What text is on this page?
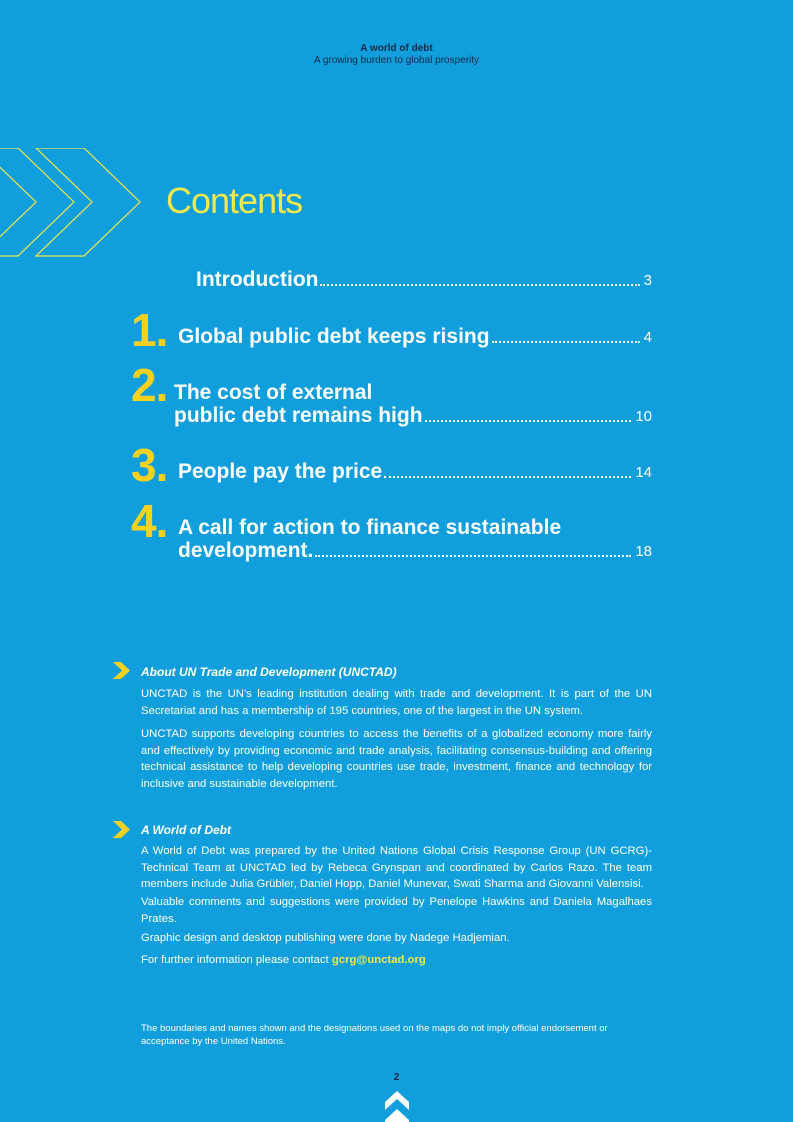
A world of debt
A growing burden to global prosperity
Contents
Introduction	3
1. Global public debt keeps rising	4
2. The cost of external
public debt remains high	10
3. People pay the price	14
4. A call for action to finance sustainable
development.	18
About UN Trade and Development (UNCTAD)
UNCTAD is the UN's leading institution dealing with trade and development. It is part of the UN Secretariat and has a membership of 195 countries, one of the largest in the UN system.
UNCTAD supports developing countries to access the benefits of a globalized economy more fairly and effectively by providing economic and trade analysis, facilitating consensus-building and offering technical assistance to help developing countries use trade, investment, finance and technology for inclusive and sustainable development.
A World of Debt
A World of Debt was prepared by the United Nations Global Crisis Response Group (UN GCRG)-Technical Team at UNCTAD led by Rebeca Grynspan and coordinated by Carlos Razo. The team members include Julia Grübler, Daniel Hopp, Daniel Munevar, Swati Sharma and Giovanni Valensisi.
Valuable comments and suggestions were provided by Penelope Hawkins and Daniela Magalhaes Prates.
Graphic design and desktop publishing were done by Nadege Hadjemian.
For further information please contact gcrg@unctad.org
The boundaries and names shown and the designations used on the maps do not imply official endorsement or acceptance by the United Nations.
2
